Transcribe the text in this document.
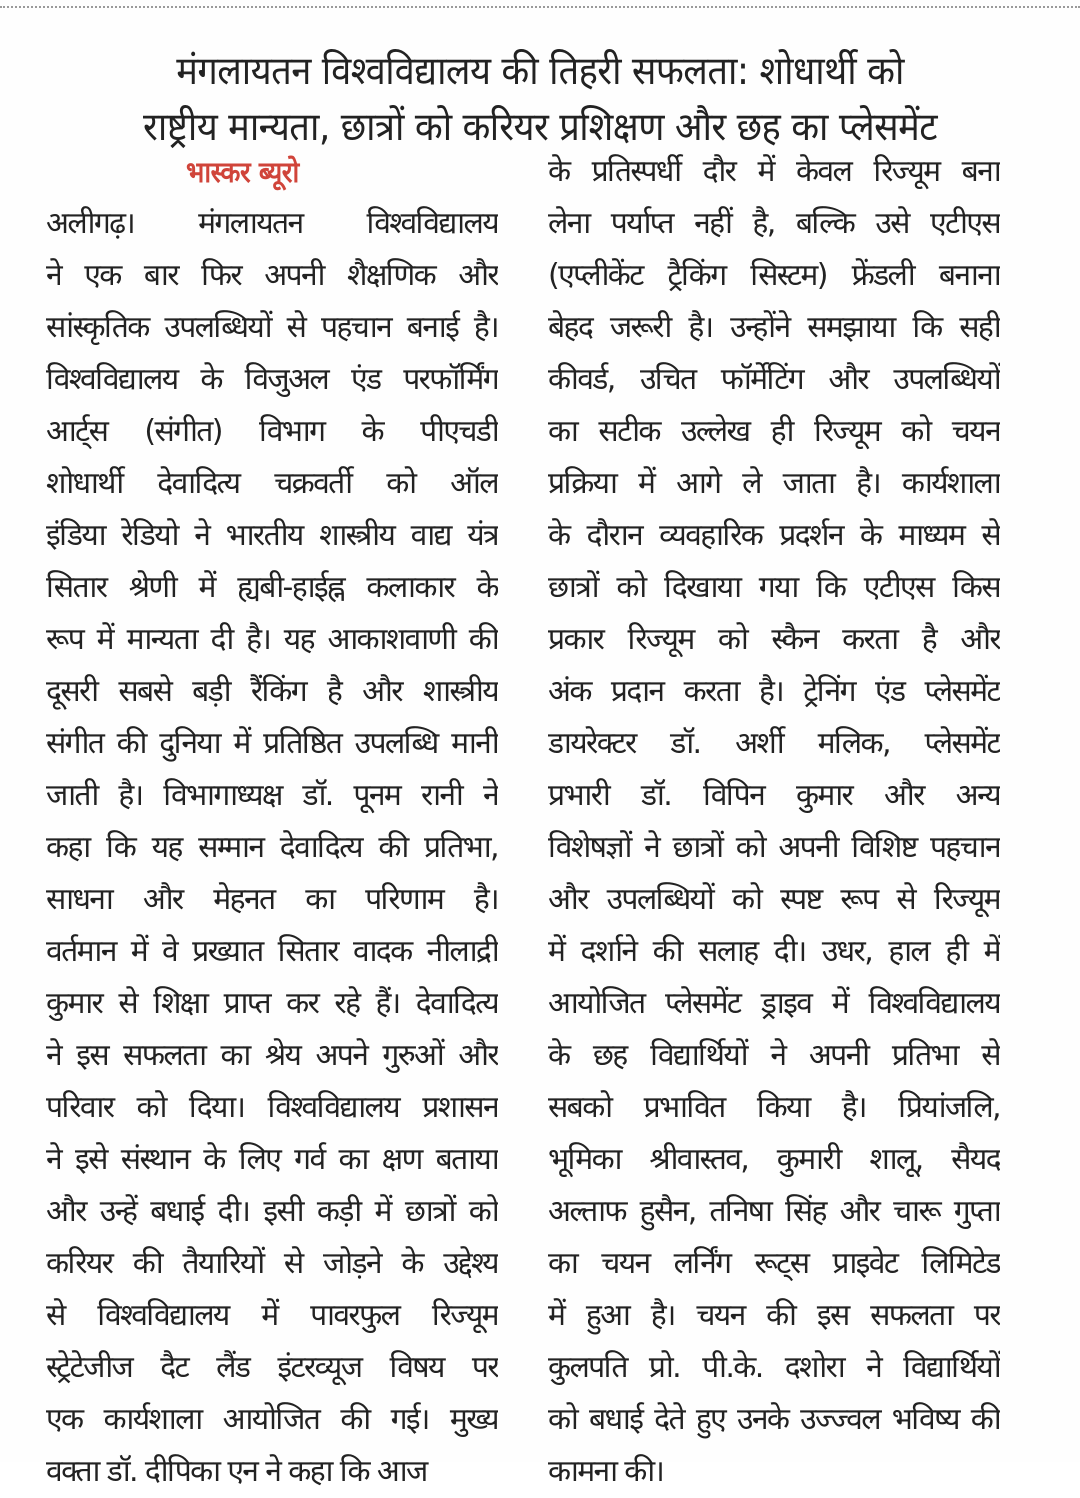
मंगलायतन विश्वविद्यालय की तिहरी सफलता: शोधार्थी को
राष्ट्रीय मान्यता, छात्रों को करियर प्रशिक्षण और छह का प्लेसमेंट
भास्कर ब्यूरो
अलीगढ़। मंगलायतन विश्वविद्यालय
ने एक बार फिर अपनी शैक्षणिक और
सांस्कृतिक उपलब्धियों से पहचान बनाई है।
विश्वविद्यालय के विजुअल एंड परफॉर्मिंग
आर्ट्स (संगीत) विभाग के पीएचडी
शोधार्थी देवादित्य चक्रवर्ती को ऑल
इंडिया रेडियो ने भारतीय शास्त्रीय वाद्य यंत्र
सितार श्रेणी में ह्यबी-हाईह्न कलाकार के
रूप में मान्यता दी है। यह आकाशवाणी की
दूसरी सबसे बड़ी रैंकिंग है और शास्त्रीय
संगीत की दुनिया में प्रतिष्ठित उपलब्धि मानी
जाती है। विभागाध्यक्ष डॉ. पूनम रानी ने
कहा कि यह सम्मान देवादित्य की प्रतिभा,
साधना और मेहनत का परिणाम है।
वर्तमान में वे प्रख्यात सितार वादक नीलाद्री
कुमार से शिक्षा प्राप्त कर रहे हैं। देवादित्य
ने इस सफलता का श्रेय अपने गुरुओं और
परिवार को दिया। विश्वविद्यालय प्रशासन
ने इसे संस्थान के लिए गर्व का क्षण बताया
और उन्हें बधाई दी। इसी कड़ी में छात्रों को
करियर की तैयारियों से जोड़ने के उद्देश्य
से विश्वविद्यालय में पावरफुल रिज्यूम
स्ट्रेटेजीज दैट लैंड इंटरव्यूज विषय पर
एक कार्यशाला आयोजित की गई। मुख्य
वक्ता डॉ. दीपिका एन ने कहा कि आज
के प्रतिस्पर्धी दौर में केवल रिज्यूम बना
लेना पर्याप्त नहीं है, बल्कि उसे एटीएस
(एप्लीकेंट ट्रैकिंग सिस्टम) फ्रेंडली बनाना
बेहद जरूरी है। उन्होंने समझाया कि सही
कीवर्ड, उचित फॉर्मेटिंग और उपलब्धियों
का सटीक उल्लेख ही रिज्यूम को चयन
प्रक्रिया में आगे ले जाता है। कार्यशाला
के दौरान व्यवहारिक प्रदर्शन के माध्यम से
छात्रों को दिखाया गया कि एटीएस किस
प्रकार रिज्यूम को स्कैन करता है और
अंक प्रदान करता है। ट्रेनिंग एंड प्लेसमेंट
डायरेक्टर डॉ. अर्शी मलिक, प्लेसमेंट
प्रभारी डॉ. विपिन कुमार और अन्य
विशेषज्ञों ने छात्रों को अपनी विशिष्ट पहचान
और उपलब्धियों को स्पष्ट रूप से रिज्यूम
में दर्शाने की सलाह दी। उधर, हाल ही में
आयोजित प्लेसमेंट ड्राइव में विश्वविद्यालय
के छह विद्यार्थियों ने अपनी प्रतिभा से
सबको प्रभावित किया है। प्रियांजलि,
भूमिका श्रीवास्तव, कुमारी शालू, सैयद
अल्ताफ हुसैन, तनिषा सिंह और चारू गुप्ता
का चयन लर्निंग रूट्स प्राइवेट लिमिटेड
में हुआ है। चयन की इस सफलता पर
कुलपति प्रो. पी.के. दशोरा ने विद्यार्थियों
को बधाई देते हुए उनके उज्ज्वल भविष्य की
कामना की।
